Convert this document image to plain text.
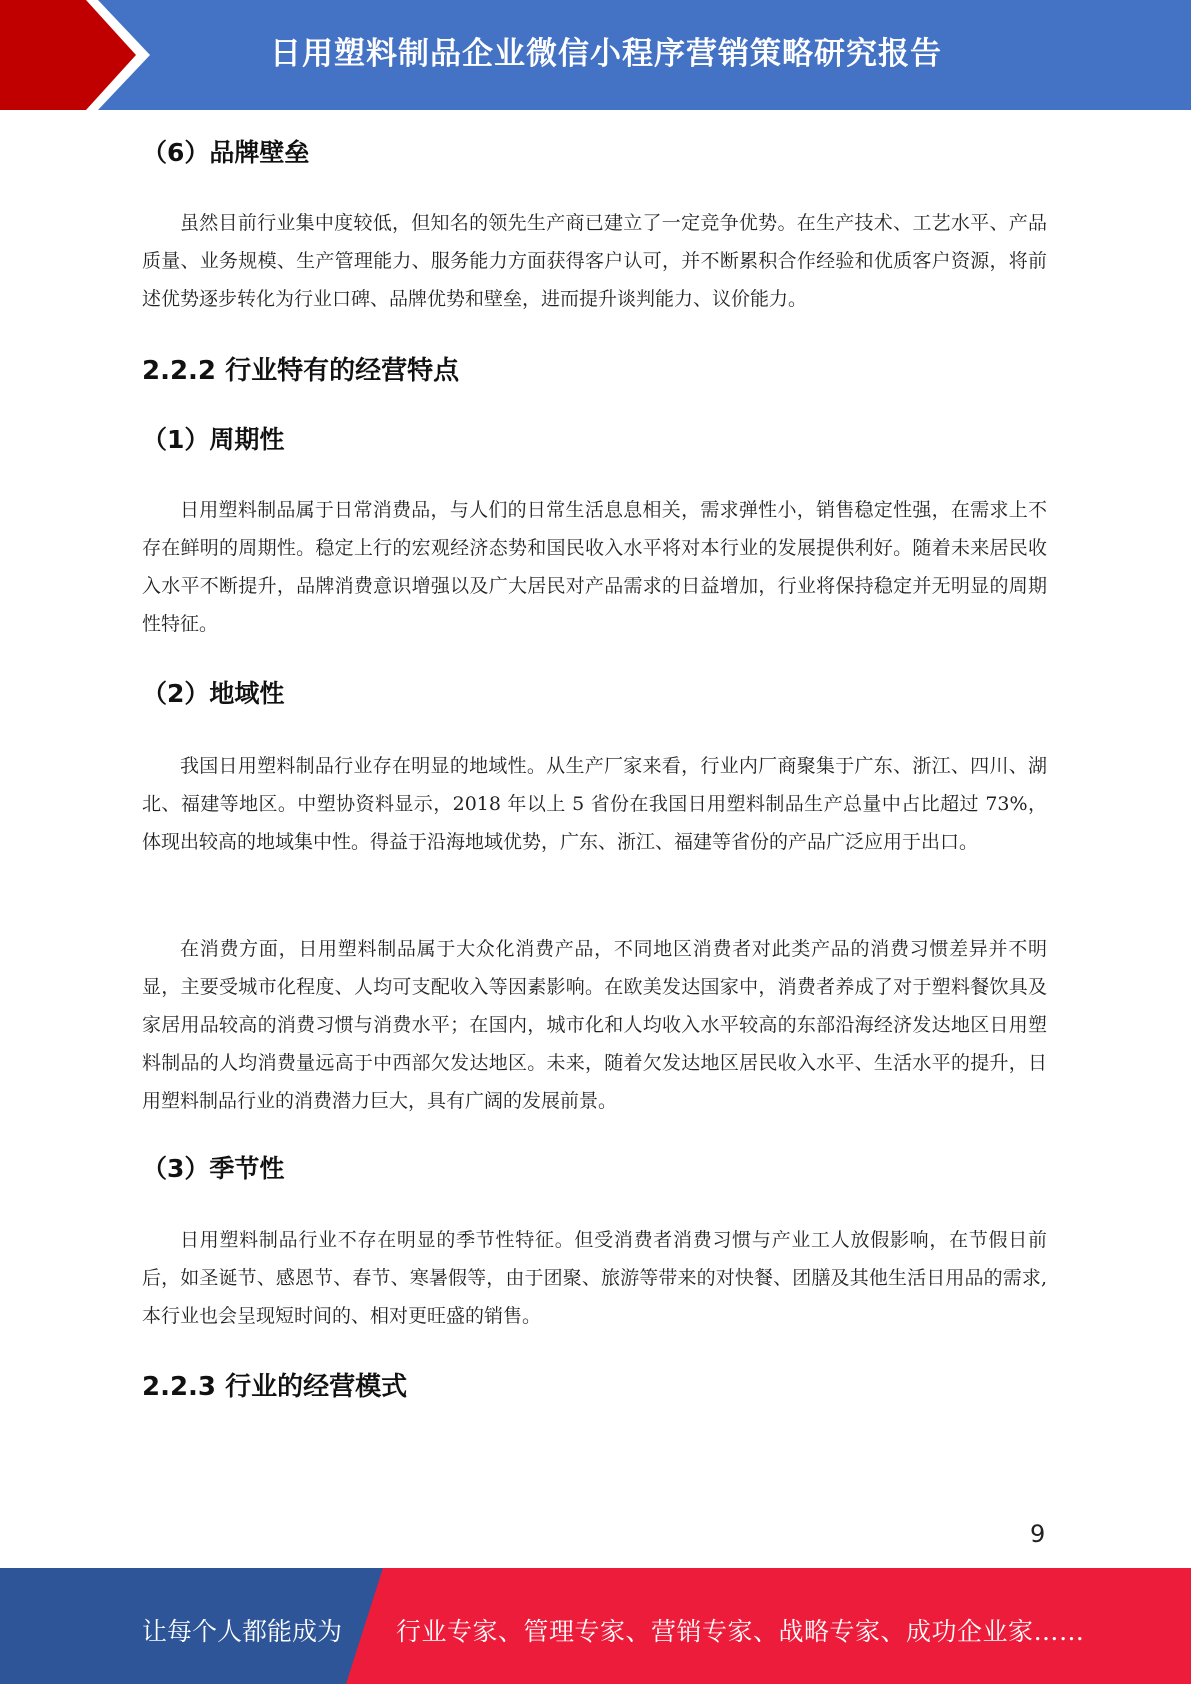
日用塑料制品企业微信小程序营销策略研究报告
（6）品牌壁垒

虽然目前行业集中度较低，但知名的领先生产商已建立了一定竞争优势。在生产技术、工艺水平、产品质量、业务规模、生产管理能力、服务能力方面获得客户认可，并不断累积合作经验和优质客户资源，将前述优势逐步转化为行业口碑、品牌优势和壁垒，进而提升谈判能力、议价能力。

2.2.2 行业特有的经营特点
（1）周期性

日用塑料制品属于日常消费品，与人们的日常生活息息相关，需求弹性小，销售稳定性强，在需求上不存在鲜明的周期性。稳定上行的宏观经济态势和国民收入水平将对本行业的发展提供利好。随着未来居民收入水平不断提升，品牌消费意识增强以及广大居民对产品需求的日益增加，行业将保持稳定并无明显的周期性特征。

（2）地域性

我国日用塑料制品行业存在明显的地域性。从生产厂家来看，行业内厂商聚集于广东、浙江、四川、湖北、福建等地区。中塑协资料显示，2018 年以上 5 省份在我国日用塑料制品生产总量中占比超过 73%，体现出较高的地域集中性。得益于沿海地域优势，广东、浙江、福建等省份的产品广泛应用于出口。

在消费方面，日用塑料制品属于大众化消费产品，不同地区消费者对此类产品的消费习惯差异并不明显，主要受城市化程度、人均可支配收入等因素影响。在欧美发达国家中，消费者养成了对于塑料餐饮具及家居用品较高的消费习惯与消费水平；在国内，城市化和人均收入水平较高的东部沿海经济发达地区日用塑料制品的人均消费量远高于中西部欠发达地区。未来，随着欠发达地区居民收入水平、生活水平的提升，日用塑料制品行业的消费潜力巨大，具有广阔的发展前景。

（3）季节性

日用塑料制品行业不存在明显的季节性特征。但受消费者消费习惯与产业工人放假影响，在节假日前后，如圣诞节、感恩节、春节、寒暑假等，由于团聚、旅游等带来的对快餐、团膳及其他生活日用品的需求,本行业也会呈现短时间的、相对更旺盛的销售。

2.2.3 行业的经营模式
9
让每个人都能成为 行业专家、管理专家、营销专家、战略专家、成功企业家……
